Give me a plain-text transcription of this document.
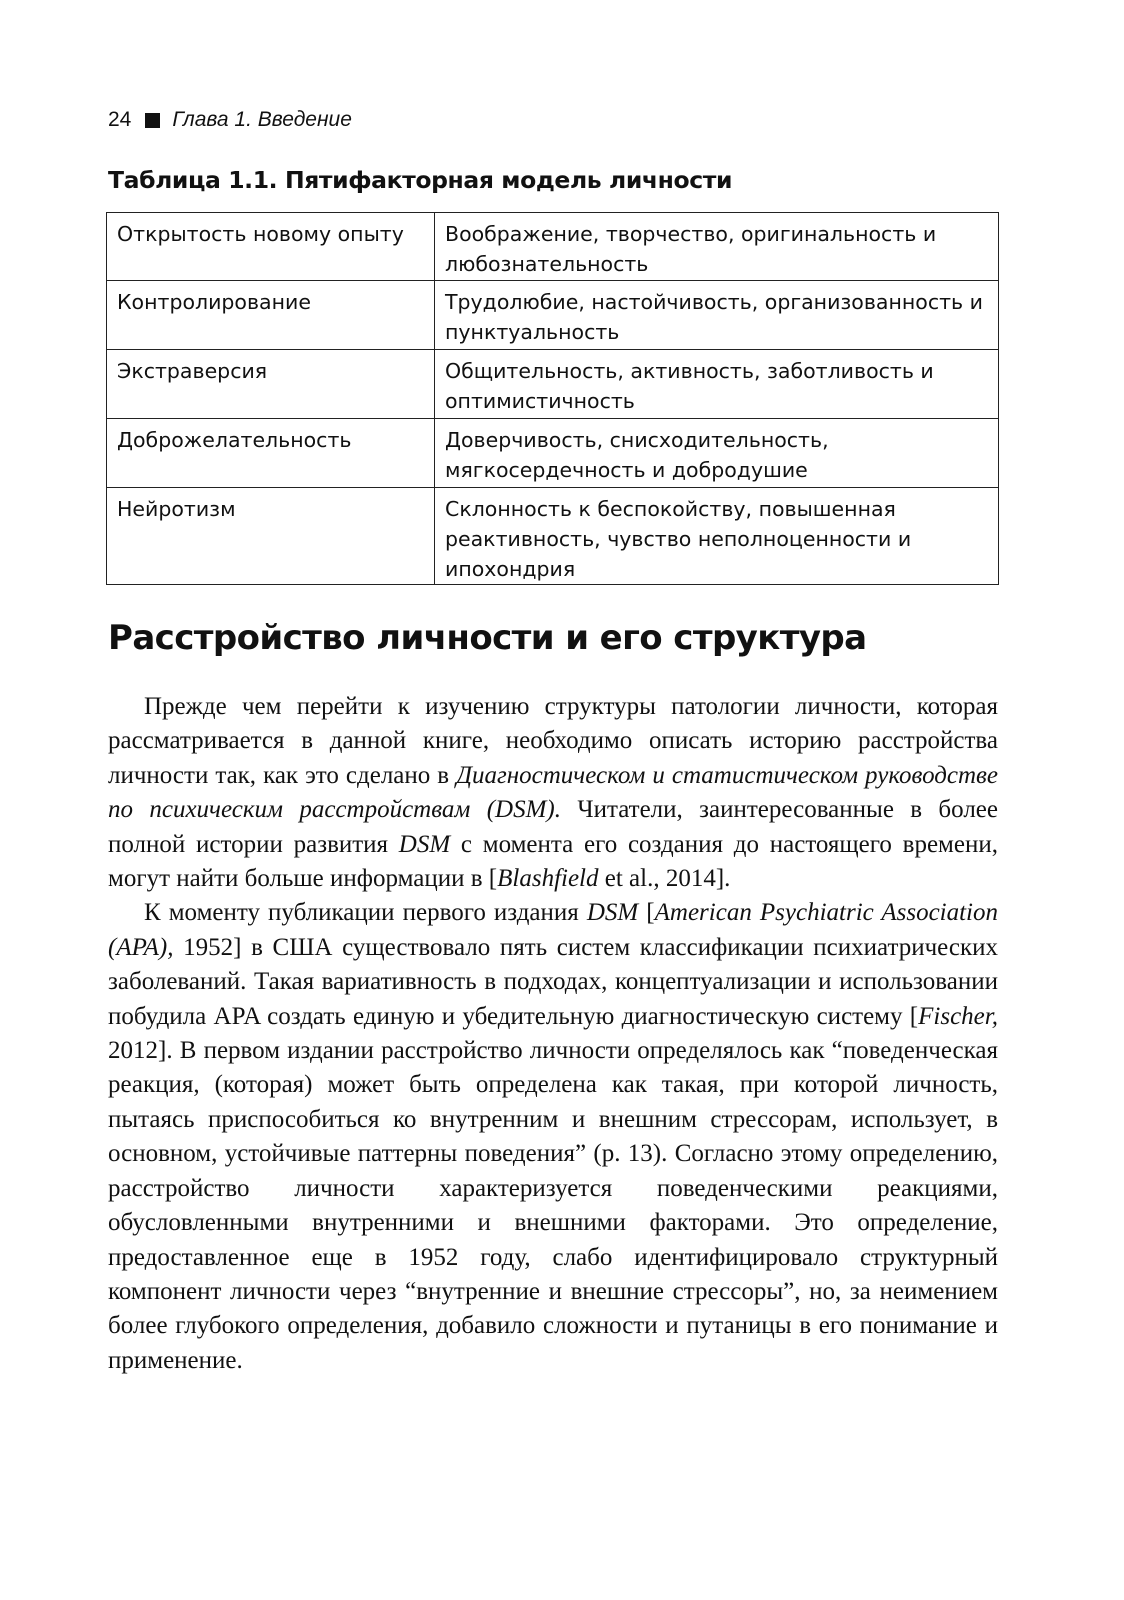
24 Глава 1. Введение
Таблица 1.1. Пятифакторная модель личности
Открытость новому опыту	Воображение, творчество, оригинальность и любознательность
Контролирование	Трудолюбие, настойчивость, организованность и пунктуальность
Экстраверсия	Общительность, активность, заботливость и оптимистичность
Доброжелательность	Доверчивость, снисходительность, мягкосердечность и добродушие
Нейротизм	Склонность к беспокойству, повышенная реактивность, чувство неполноценности и ипохондрия
Расстройство личности и его структура

Прежде чем перейти к изучению структуры патологии личности, которая рассматривается в данной книге, необходимо описать историю расстройства личности так, как это сделано в Диагностическом и статистическом руководстве по психическим расстройствам (DSM). Читатели, заинтересованные в более полной истории развития DSM с момента его создания до настоящего времени, могут найти больше информации в [Blashfield et al., 2014].

К моменту публикации первого издания DSM [American Psychiatric Association (APA), 1952] в США существовало пять систем классификации психиатрических заболеваний. Такая вариативность в подходах, концептуализации и использовании побудила APA создать единую и убедительную диагностическую систему [Fischer, 2012]. В первом издании расстройство личности определялось как “поведенческая реакция, (которая) может быть определена как такая, при которой личность, пытаясь приспособиться ко внутренним и внешним стрессорам, использует, в основном, устойчивые паттерны поведения” (p. 13). Согласно этому определению, расстройство личности характеризуется поведенческими реакциями, обусловленными внутренними и внешними факторами. Это определение, предоставленное еще в 1952 году, слабо идентифицировало структурный компонент личности через “внутренние и внешние стрессоры”, но, за неимением более глубокого определения, добавило сложности и путаницы в его понимание и применение.
